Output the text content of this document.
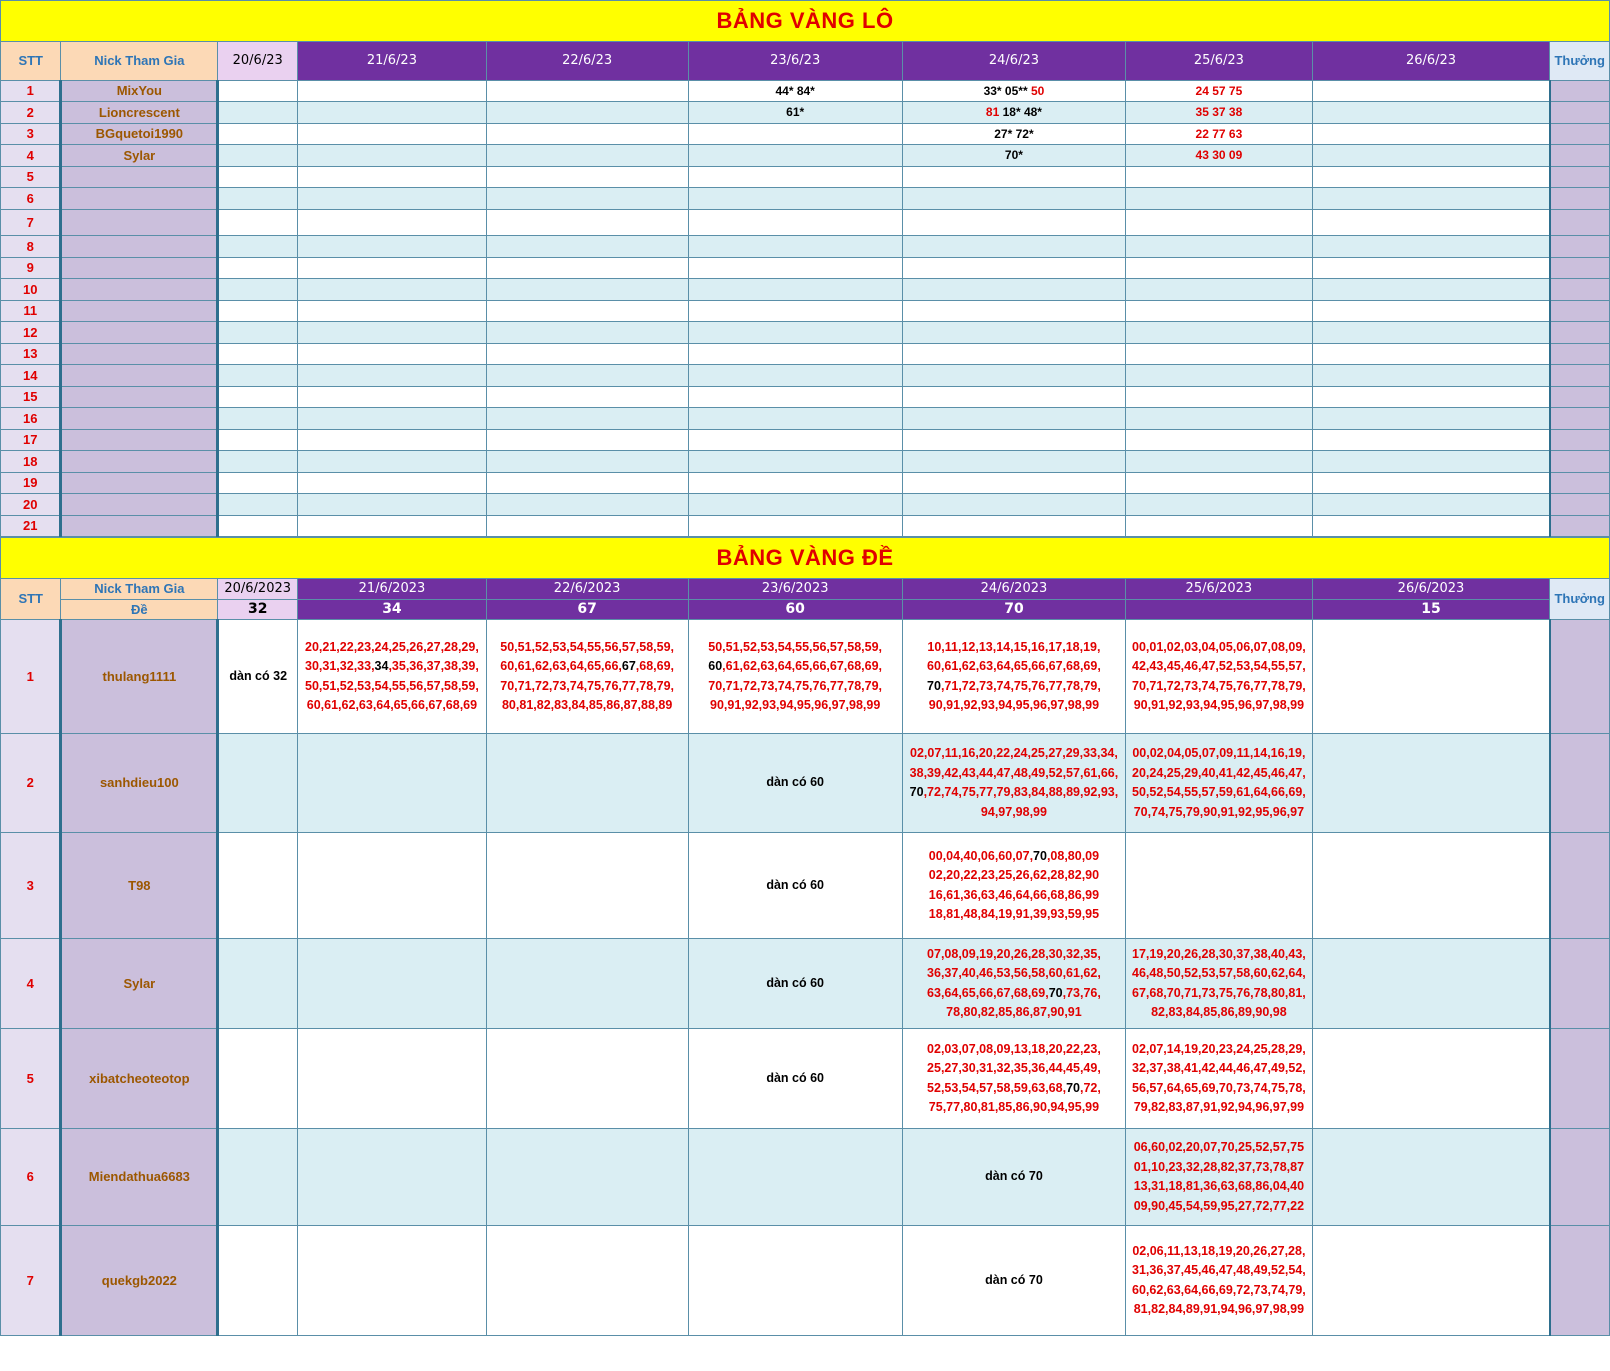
BẢNG VÀNG LÔ									
STT	Nick Tham Gia	20/6/23	21/6/23	22/6/23	23/6/23	24/6/23	25/6/23	26/6/23	Thưởng
1	MixYou				44* 84*	33* 05** 50	24 57 75		
2	Lioncrescent				61*	81 18* 48*	35 37 38		
3	BGquetoi1990					27* 72*	22 77 63		
4	Sylar					70*	43 30 09		
5									
6									
7									
8									
9									
10									
11									
12									
13									
14									
15									
16									
17									
18									
19									
20									
21									
BẢNG VÀNG ĐỀ									
STT	Nick Tham Gia	20/6/2023	21/6/2023	22/6/2023	23/6/2023	24/6/2023	25/6/2023	26/6/2023	Thưởng
	Đề	32	34	67	60	70		15	
1	thulang1111	dàn có 32	20,21,22,23,24,25,26,27,28,29,
30,31,32,33,34,35,36,37,38,39,
50,51,52,53,54,55,56,57,58,59,
60,61,62,63,64,65,66,67,68,69	50,51,52,53,54,55,56,57,58,59,
60,61,62,63,64,65,66,67,68,69,
70,71,72,73,74,75,76,77,78,79,
80,81,82,83,84,85,86,87,88,89	50,51,52,53,54,55,56,57,58,59,
60,61,62,63,64,65,66,67,68,69,
70,71,72,73,74,75,76,77,78,79,
90,91,92,93,94,95,96,97,98,99	10,11,12,13,14,15,16,17,18,19,
60,61,62,63,64,65,66,67,68,69,
70,71,72,73,74,75,76,77,78,79,
90,91,92,93,94,95,96,97,98,99	00,01,02,03,04,05,06,07,08,09,
42,43,45,46,47,52,53,54,55,57,
70,71,72,73,74,75,76,77,78,79,
90,91,92,93,94,95,96,97,98,99		
2	sanhdieu100				dàn có 60	02,07,11,16,20,22,24,25,27,29,33,34,
38,39,42,43,44,47,48,49,52,57,61,66,
70,72,74,75,77,79,83,84,88,89,92,93,
94,97,98,99	00,02,04,05,07,09,11,14,16,19,
20,24,25,29,40,41,42,45,46,47,
50,52,54,55,57,59,61,64,66,69,
70,74,75,79,90,91,92,95,96,97		
3	T98				dàn có 60	00,04,40,06,60,07,70,08,80,09
02,20,22,23,25,26,62,28,82,90
16,61,36,63,46,64,66,68,86,99
18,81,48,84,19,91,39,93,59,95			
4	Sylar				dàn có 60	07,08,09,19,20,26,28,30,32,35,
36,37,40,46,53,56,58,60,61,62,
63,64,65,66,67,68,69,70,73,76,
78,80,82,85,86,87,90,91	17,19,20,26,28,30,37,38,40,43,
46,48,50,52,53,57,58,60,62,64,
67,68,70,71,73,75,76,78,80,81,
82,83,84,85,86,89,90,98		
5	xibatcheoteotop				dàn có 60	02,03,07,08,09,13,18,20,22,23,
25,27,30,31,32,35,36,44,45,49,
52,53,54,57,58,59,63,68,70,72,
75,77,80,81,85,86,90,94,95,99	02,07,14,19,20,23,24,25,28,29,
32,37,38,41,42,44,46,47,49,52,
56,57,64,65,69,70,73,74,75,78,
79,82,83,87,91,92,94,96,97,99		
6	Miendathua6683					dàn có 70	06,60,02,20,07,70,25,52,57,75
01,10,23,32,28,82,37,73,78,87
13,31,18,81,36,63,68,86,04,40
09,90,45,54,59,95,27,72,77,22		
7	quekgb2022					dàn có 70	02,06,11,13,18,19,20,26,27,28,
31,36,37,45,46,47,48,49,52,54,
60,62,63,64,66,69,72,73,74,79,
81,82,84,89,91,94,96,97,98,99		
